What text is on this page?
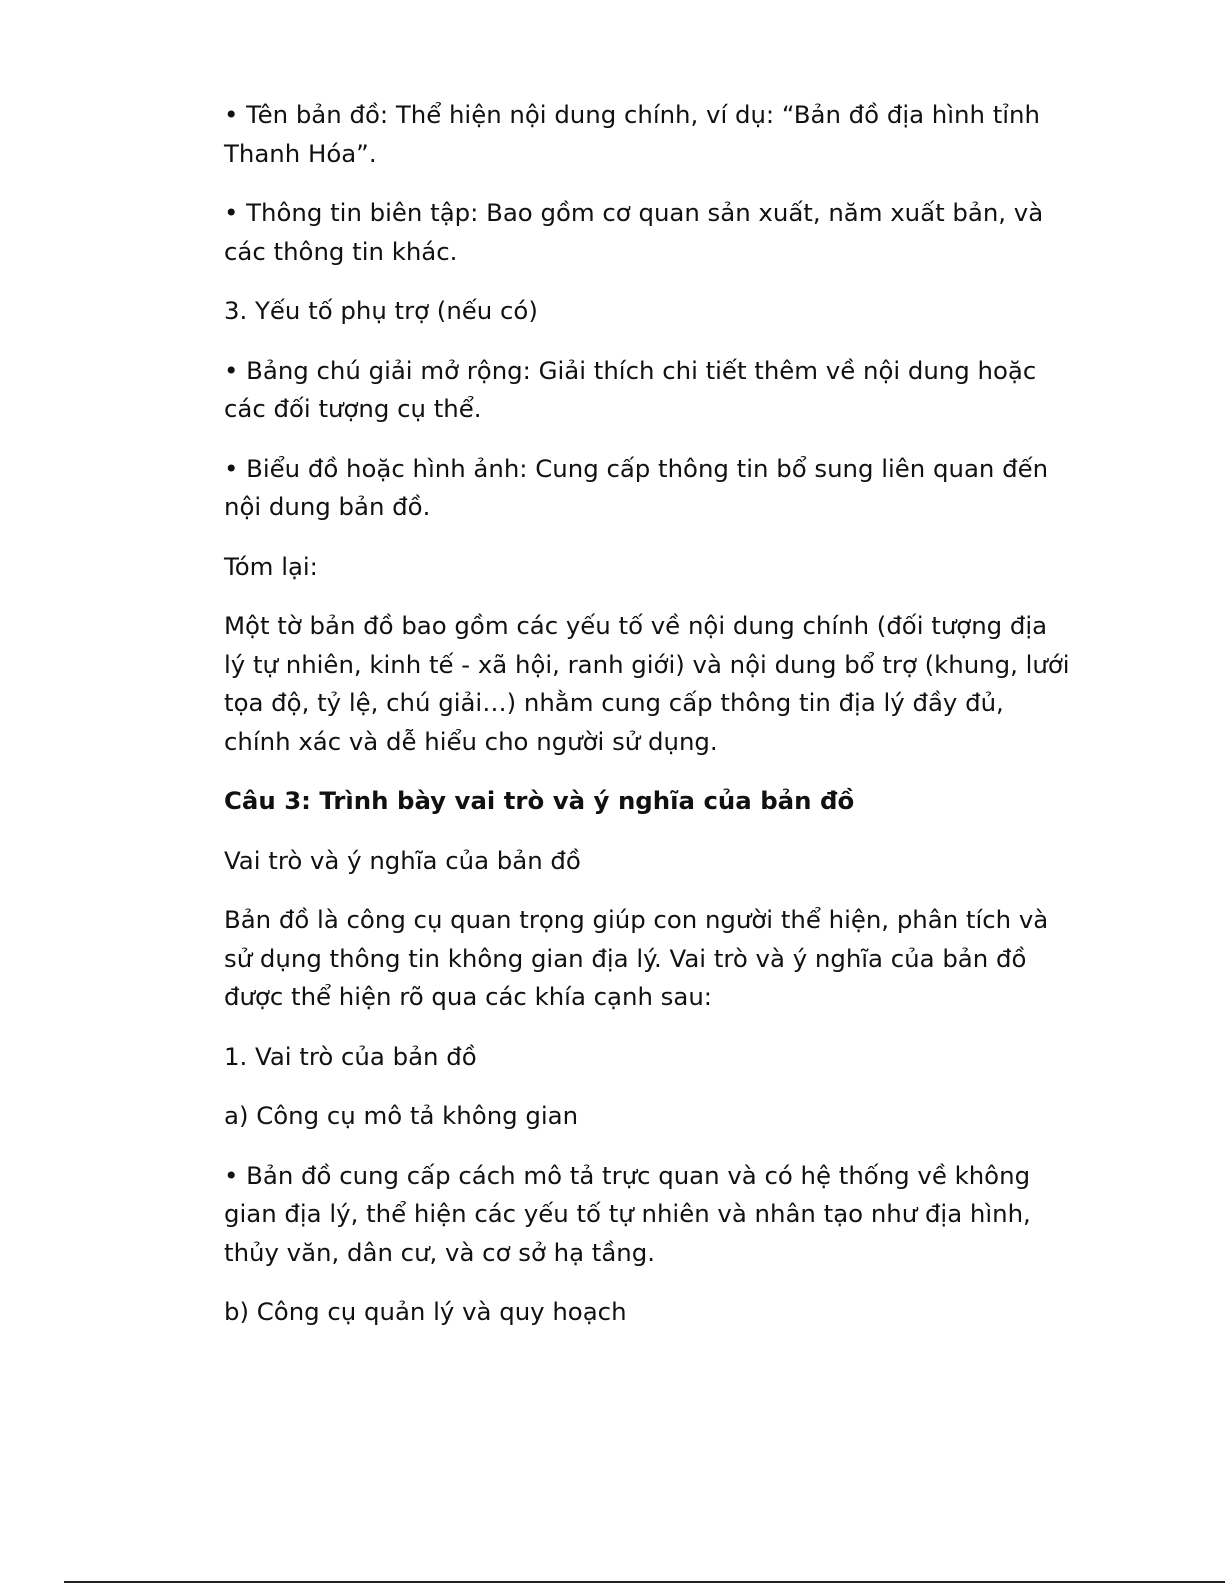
• Tên bản đồ: Thể hiện nội dung chính, ví dụ: “Bản đồ địa hình tỉnh Thanh Hóa”.

• Thông tin biên tập: Bao gồm cơ quan sản xuất, năm xuất bản, và các thông tin khác.

3. Yếu tố phụ trợ (nếu có)

• Bảng chú giải mở rộng: Giải thích chi tiết thêm về nội dung hoặc các đối tượng cụ thể.

• Biểu đồ hoặc hình ảnh: Cung cấp thông tin bổ sung liên quan đến nội dung bản đồ.

Tóm lại:

Một tờ bản đồ bao gồm các yếu tố về nội dung chính (đối tượng địa lý tự nhiên, kinh tế - xã hội, ranh giới) và nội dung bổ trợ (khung, lưới tọa độ, tỷ lệ, chú giải…) nhằm cung cấp thông tin địa lý đầy đủ, chính xác và dễ hiểu cho người sử dụng.

Câu 3: Trình bày vai trò và ý nghĩa của bản đồ

Vai trò và ý nghĩa của bản đồ

Bản đồ là công cụ quan trọng giúp con người thể hiện, phân tích và sử dụng thông tin không gian địa lý. Vai trò và ý nghĩa của bản đồ được thể hiện rõ qua các khía cạnh sau:

1. Vai trò của bản đồ

a) Công cụ mô tả không gian

• Bản đồ cung cấp cách mô tả trực quan và có hệ thống về không gian địa lý, thể hiện các yếu tố tự nhiên và nhân tạo như địa hình, thủy văn, dân cư, và cơ sở hạ tầng.

b) Công cụ quản lý và quy hoạch
